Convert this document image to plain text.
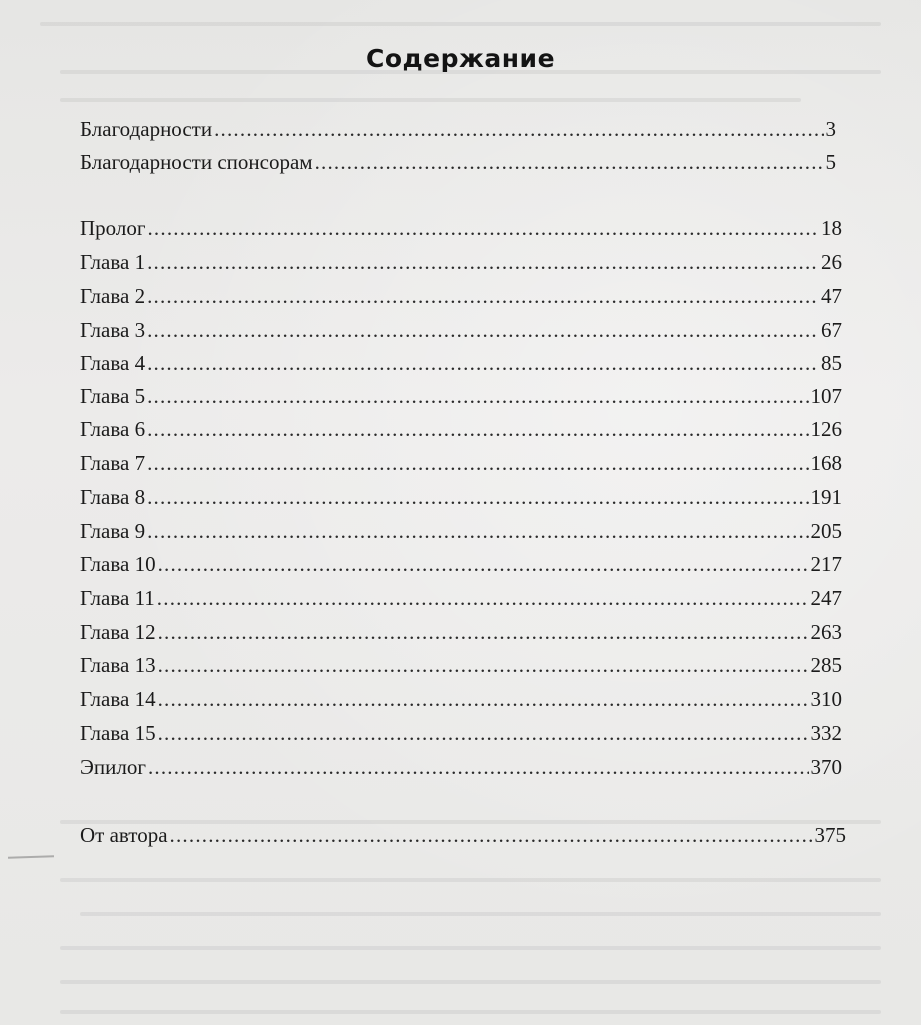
Содержание
Благодарности .....	3
Благодарности спонсорам .....	5
Пролог .....	18
Глава 1 .....	26
Глава 2 .....	47
Глава 3 .....	67
Глава 4 .....	85
Глава 5 .....	107
Глава 6 .....	126
Глава 7 .....	168
Глава 8 .....	191
Глава 9 .....	205
Глава 10 .....	217
Глава 11 .....	247
Глава 12 .....	263
Глава 13 .....	285
Глава 14 .....	310
Глава 15 .....	332
Эпилог .....	370
От автора .....	375
